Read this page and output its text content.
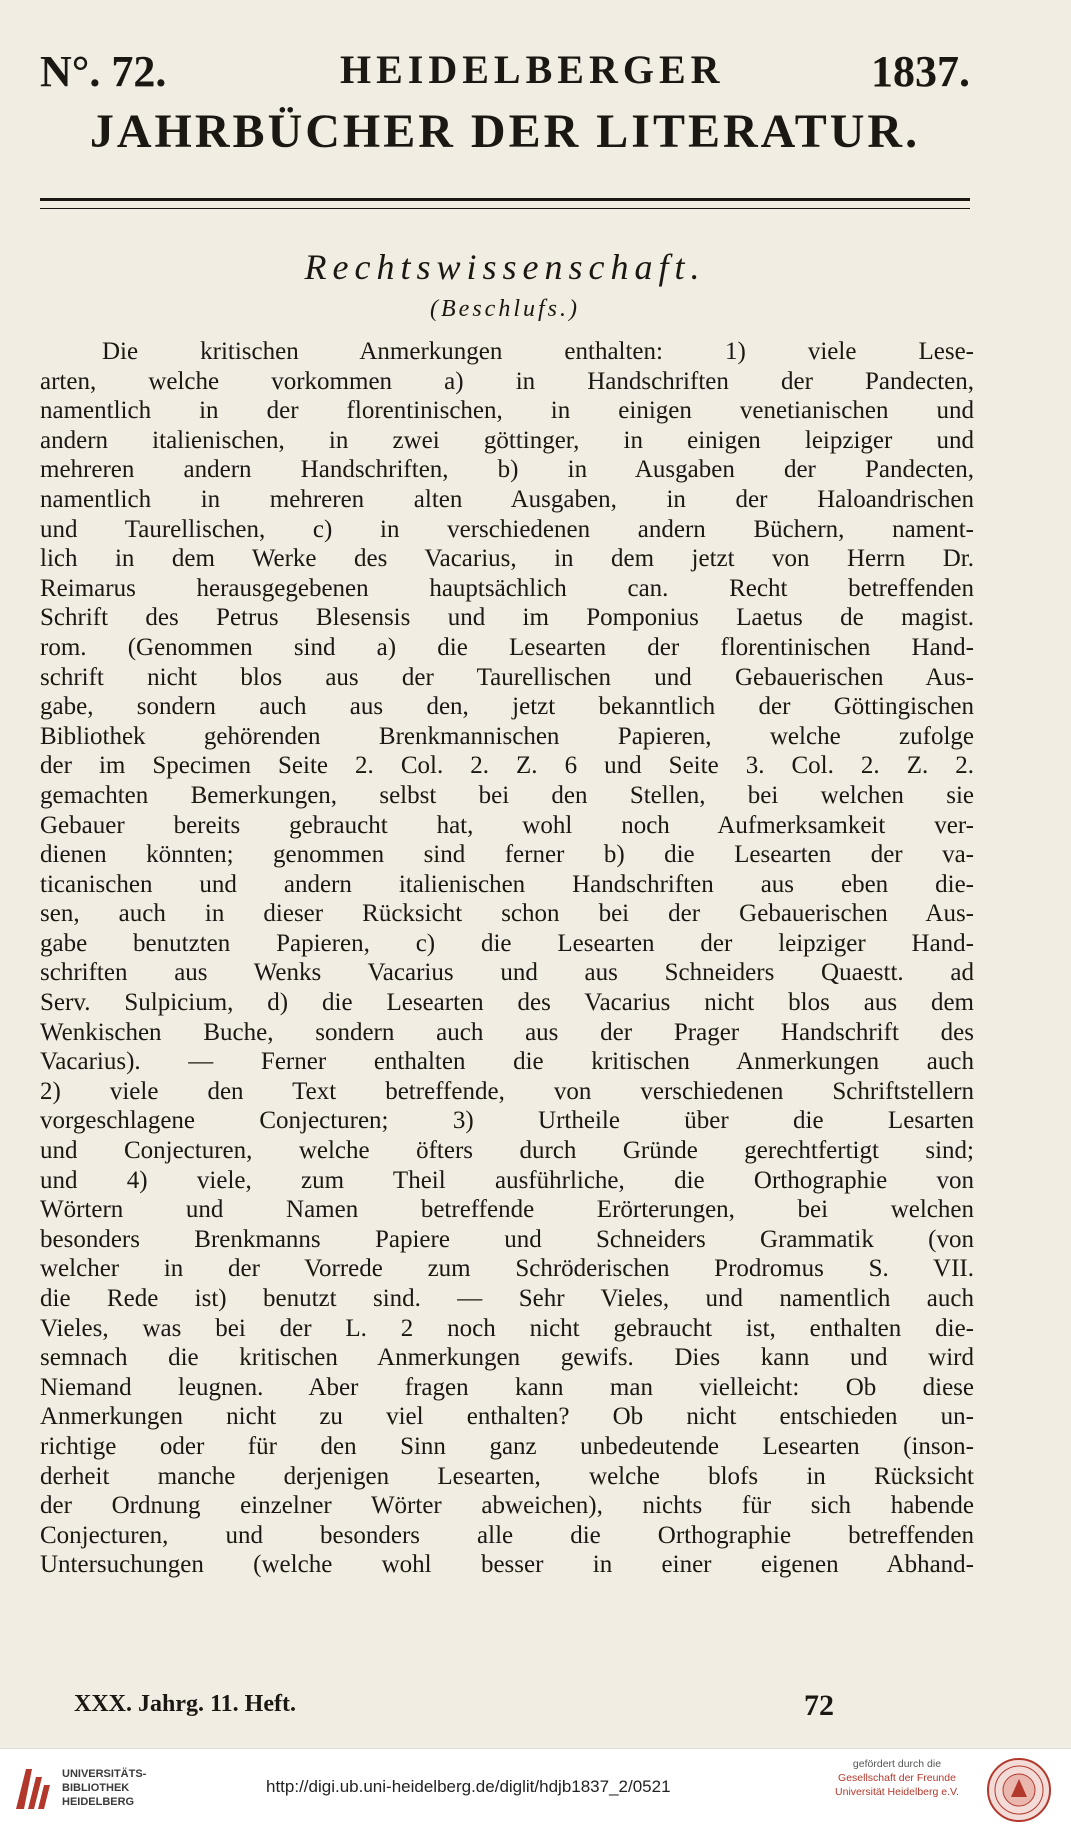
N°. 72.	HEIDELBERGER	1837.
JAHRBÜCHER DER LITERATUR.
Rechtswissenschaft.
(Beschlufs.)
Die kritischen Anmerkungen enthalten: 1) viele Lese-
arten, welche vorkommen a) in Handschriften der Pandecten,
namentlich in der florentinischen, in einigen venetianischen und
andern italienischen, in zwei göttinger, in einigen leipziger und
mehreren andern Handschriften, b) in Ausgaben der Pandecten,
namentlich in mehreren alten Ausgaben, in der Haloandrischen
und Taurellischen, c) in verschiedenen andern Büchern, nament-
lich in dem Werke des Vacarius, in dem jetzt von Herrn Dr.
Reimarus herausgegebenen hauptsächlich can. Recht betreffenden
Schrift des Petrus Blesensis und im Pomponius Laetus de magist.
rom. (Genommen sind a) die Lesearten der florentinischen Hand-
schrift nicht blos aus der Taurellischen und Gebauerischen Aus-
gabe, sondern auch aus den, jetzt bekanntlich der Göttingischen
Bibliothek gehörenden Brenkmannischen Papieren, welche zufolge
der im Specimen Seite 2. Col. 2. Z. 6 und Seite 3. Col. 2. Z. 2.
gemachten Bemerkungen, selbst bei den Stellen, bei welchen sie
Gebauer bereits gebraucht hat, wohl noch Aufmerksamkeit ver-
dienen könnten; genommen sind ferner b) die Lesearten der va-
ticanischen und andern italienischen Handschriften aus eben die-
sen, auch in dieser Rücksicht schon bei der Gebauerischen Aus-
gabe benutzten Papieren, c) die Lesearten der leipziger Hand-
schriften aus Wenks Vacarius und aus Schneiders Quaestt. ad
Serv. Sulpicium, d) die Lesearten des Vacarius nicht blos aus dem
Wenkischen Buche, sondern auch aus der Prager Handschrift des
Vacarius). — Ferner enthalten die kritischen Anmerkungen auch
2) viele den Text betreffende, von verschiedenen Schriftstellern
vorgeschlagene Conjecturen; 3) Urtheile über die Lesarten
und Conjecturen, welche öfters durch Gründe gerechtfertigt sind;
und 4) viele, zum Theil ausführliche, die Orthographie von
Wörtern und Namen betreffende Erörterungen, bei welchen
besonders Brenkmanns Papiere und Schneiders Grammatik (von
welcher in der Vorrede zum Schröderischen Prodromus S. VII.
die Rede ist) benutzt sind. — Sehr Vieles, und namentlich auch
Vieles, was bei der L. 2 noch nicht gebraucht ist, enthalten die-
semnach die kritischen Anmerkungen gewifs. Dies kann und wird
Niemand leugnen. Aber fragen kann man vielleicht: Ob diese
Anmerkungen nicht zu viel enthalten? Ob nicht entschieden un-
richtige oder für den Sinn ganz unbedeutende Lesearten (inson-
derheit manche derjenigen Lesearten, welche blofs in Rücksicht
der Ordnung einzelner Wörter abweichen), nichts für sich habende
Conjecturen, und besonders alle die Orthographie betreffenden
Untersuchungen (welche wohl besser in einer eigenen Abhand-
XXX. Jahrg. 11. Heft.	72
UNIVERSITÄTS-
BIBLIOTHEK
HEIDELBERG
http://digi.ub.uni-heidelberg.de/diglit/hdjb1837_2/0521
gefördert durch die
Gesellschaft der Freunde
Universität Heidelberg e.V.
